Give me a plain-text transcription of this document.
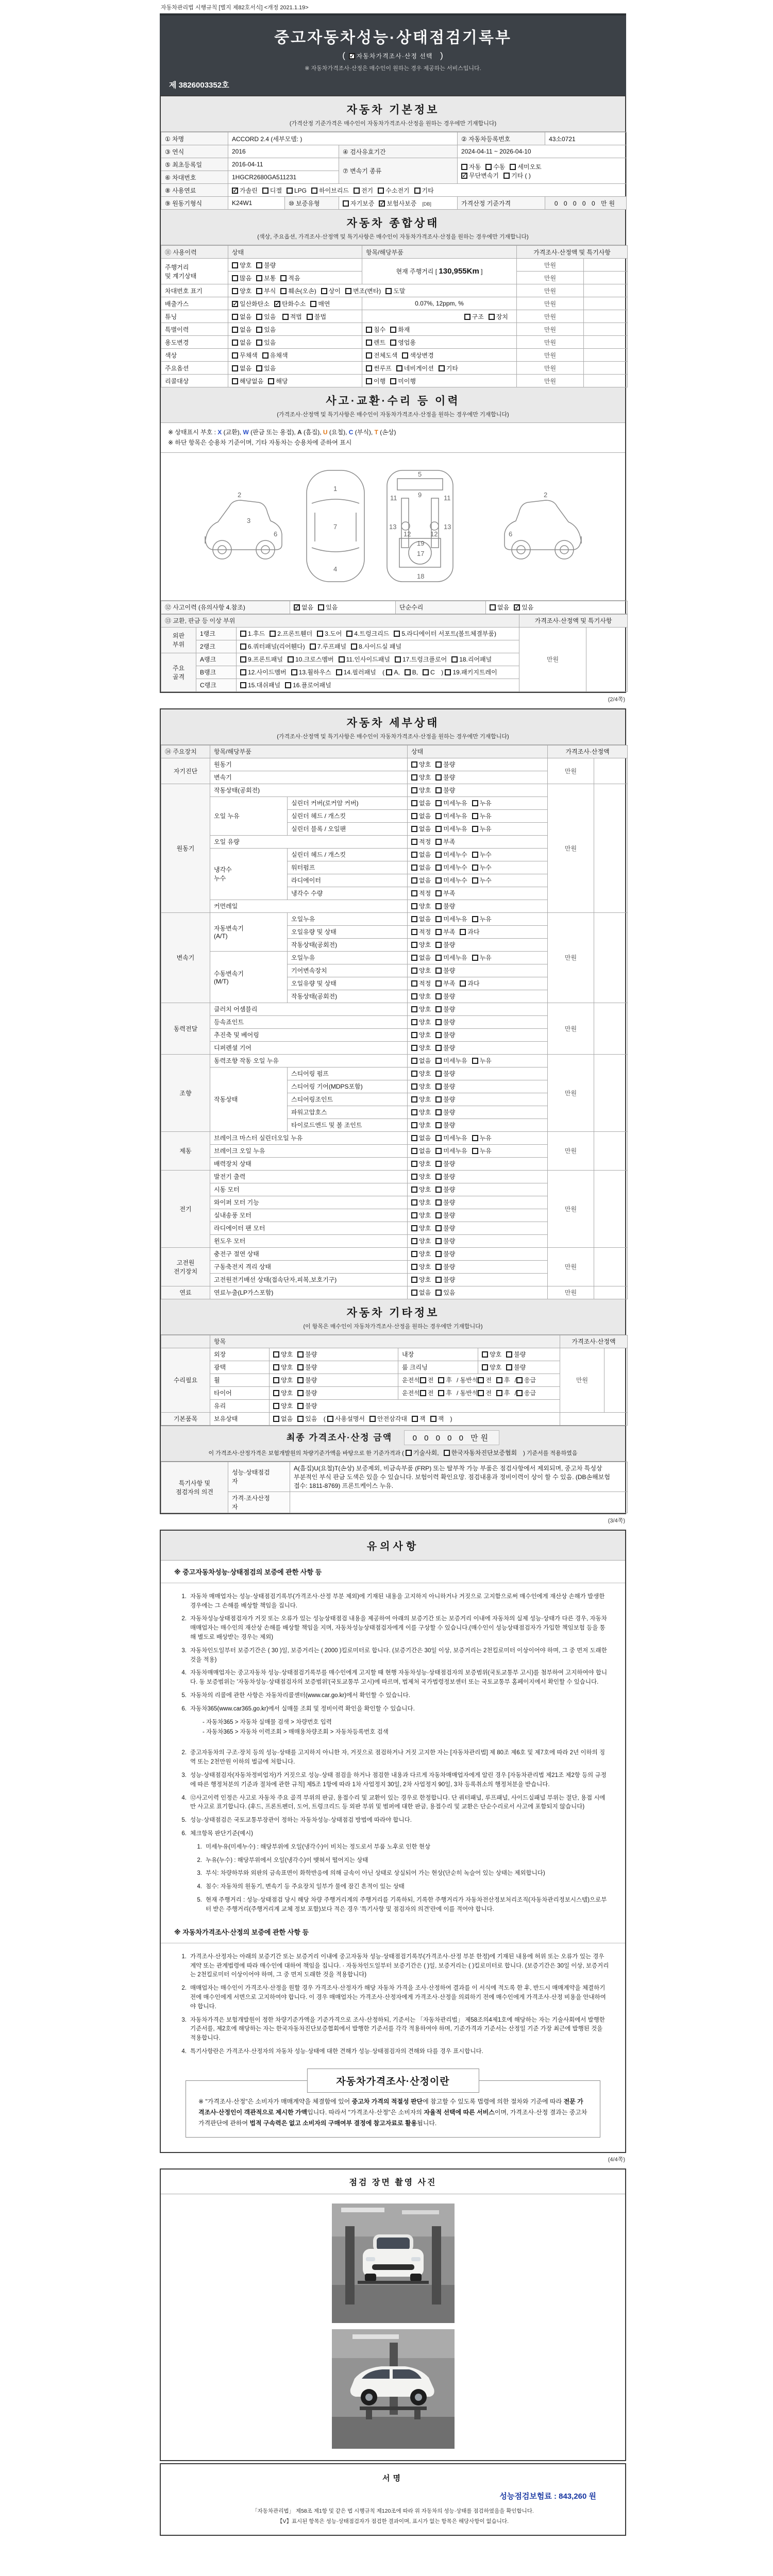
자동차관리법 시행규칙 [별지 제82호서식] <개정 2021.1.19>
중고자동차성능·상태점검기록부
( ✓자동차가격조사·산정 선택 )
※ 자동차가격조사·산정은 매수인이 원하는 경우 제공하는 서비스입니다.
제 3826003352호
자동차 기본정보
(가격산정 기준가격은 매수인이 자동차가격조사·산정을 원하는 경우에만 기재합니다)
① 차명	ACCORD 2.4 (세부모델: )			② 자동차등록번호	43소0721
③ 연식	2016		④ 검사유효기간	2024-04-11 ~ 2026-04-10	
⑤ 최초등록일	2016-04-11		⑦ 변속기 종류	자동 수동 세미오토
✓무단변속기 기타 ( )
⑥ 차대번호	1HGCR2680GA511231				
⑧ 사용연료	✓가솔린 디젤 LPG 하이브리드 전기 수소전기 기타
⑨ 원동기형식	K24W1	⑩ 보증유형	자기보증 ✓ 보험사보증 [DB]	가격산정 기준가격	0 0 0 0 0 만원
자동차 종합상태
(색상, 주요옵션, 가격조사·산정액 및 특기사항은 매수인이 자동차가격조사·산정을 원하는 경우에만 기재합니다)
⑪ 사용이력	상태	항목/해당부품	가격조사·산정액 및 특기사항	
주행거리
및 계기상태	양호 불량	현재 주행거리 [ 130,955Km ]	만원	
	많음 보통 적음		만원	
차대번호 표기	양호 부식 훼손(오손) 상이 변조(변타) 도말		만원	
배출가스	✓일산화탄소 ✓ 탄화수소 매연	0.07%, 12ppm, %	만원	
튜닝	없음 있음 적법 불법	구조 장치	만원	
특별이력	없음 있음	침수 화재	만원	
용도변경	없음 있음	렌트 영업용	만원	
색상	무채색 유채색	전체도색 색상변경	만원	
주요옵션	없음 있음	썬루프 네비게이션 기타	만원	
리콜대상	해당없음 해당	이행 미이행	만원	
사고·교환·수리 등 이력
(가격조사·산정액 및 특기사항은 매수인이 자동차가격조사·산정을 원하는 경우에만 기재합니다)
※ 상태표시 부호 : X (교환), W (판금 또는 용접), A (흠집), U (요철), C (부식), T (손상)
※ 하단 항목은 승용차 기준이며, 기타 자동차는 승용차에 준하여 표시
2
3
6
1
7
4
5
9
11	11
13	13
12	12
19
17
18
2
6
⑫ 사고이력 (유의사항 4.참조)	✓없음 있음	단순수리	없음 ✓ 있음
⑬ 교환, 판금 등 이상 부위			가격조사·산정액 및 특기사항	
외판
부위	1랭크	1.후드 2.프론트휀더 3.도어 4.트렁크리드 5.라디에이터 서포트(볼트체결부품)	만원	
	2랭크	6.쿼터패널(리어휀다) 7.루프패널 8.사이드실 패널		
주요
골격	A랭크	9.프론트패널 10.크로스멤버 11.인사이드패널 17.트렁크플로어 18.리어패널		
	B랭크	12.사이드멤버 13.휠하우스 14.필러패널 ( A, B, C ) 19.패키지트레이		
	C랭크	15.대쉬패널 16.플로어패널		
(2/4쪽)
자동차 세부상태
(가격조사·산정액 및 특기사항은 매수인이 자동차가격조사·산정을 원하는 경우에만 기재합니다)
⑭ 주요장치	항목/해당부품		상태	가격조사·산정액	
자기진단	원동기		양호 불량	만원	
	변속기		양호 불량		
원동기	작동상태(공회전)		양호 불량	만원	
	오일 누유	실린더 커버(로커암 커버)	없음 미세누유 누유		
		실린더 헤드 / 개스킷	없음 미세누유 누유		
		실린더 블록 / 오일팬	없음 미세누유 누유		
	오일 유량		적정 부족		
	냉각수
누수	실린더 헤드 / 개스킷	없음 미세누수 누수		
		워터펌프	없음 미세누수 누수		
		라디에이터	없음 미세누수 누수		
		냉각수 수량	적정 부족		
	커먼레일		양호 불량		
변속기	자동변속기
(A/T)	오일누유	없음 미세누유 누유	만원	
		오일유량 및 상태	적정 부족 과다		
		작동상태(공회전)	양호 불량		
	수동변속기
(M/T)	오일누유	없음 미세누유 누유		
		기어변속장치	양호 불량		
		오일유량 및 상태	적정 부족 과다		
		작동상태(공회전)	양호 불량		
동력전달	클러치 어셈블리		양호 불량	만원	
	등속죠인트		양호 불량		
	추진축 및 베어링		양호 불량		
	디퍼렌셜 기어		양호 불량		
조향	동력조향 작동 오일 누유		없음 미세누유 누유	만원	
	작동상태	스티어링 펌프	양호 불량		
		스티어링 기어(MDPS포함)	양호 불량		
		스티어링조인트	양호 불량		
		파워고압호스	양호 불량		
		타이로드엔드 및 볼 조인트	양호 불량		
제동	브레이크 마스터 실린더오일 누유		없음 미세누유 누유	만원	
	브레이크 오일 누유		없음 미세누유 누유		
	배력장치 상태		양호 불량		
전기	발전기 출력		양호 불량	만원	
	시동 모터		양호 불량		
	와이퍼 모터 기능		양호 불량		
	실내송풍 모터		양호 불량		
	라디에이터 팬 모터		양호 불량		
	윈도우 모터		양호 불량		
고전원
전기장치	충전구 절연 상태		양호 불량	만원	
	구동축전지 격리 상태		양호 불량		
	고전원전기배선 상태(접속단자,피복,보호기구)		양호 불량		
연료	연료누출(LP가스포함)		없음 있음	만원	
자동차 기타정보
(이 항목은 매수인이 자동차가격조사·산정을 원하는 경우에만 기재합니다)
	항목				가격조사·산정액	
수리필요	외장	양호 불량	내장	양호 불량	만원	
	광택	양호 불량	룸 크리닝	양호 불량		
	휠	양호 불량	운전석 전 후 / 동반석 전 후 / 응급			
	타이어	양호 불량	운전석 전 후 / 동반석 전 후 / 응급			
	유리	양호 불량				
기본품목	보유상태	없음 있음 ( 사용설명서 안전삼각대 잭 잭 )				
최종 가격조사·산정 금액	0 0 0 0 0 만원
이 가격조사·산정가격은 보험개발원의 차량기준가액을 바탕으로 한 기준가격과 ( 기술사회, 한국자동차진단보증협회 ) 기준서를 적용하였음
특기사항 및
점검자의 의견	성능·상태점검
자	A(흠집)U(요철)T(손상) 보증제외, 비금속부품 (FRP) 또는 탈부착 가능 부품은 점검사항에서 제외되며, 중고차 특성상 부분적인 부식 판금 도색은 있을 수 있습니다. 보험이력 확인요망. 점검내용과 정비이력이 상이 할 수 있음. (DB손해보험 접수: 1811-8769) 프론트케이스 누유.
	가격·조사산정
자	
(3/4쪽)
유의사항
※ 중고자동차성능·상태점검의 보증에 관한 사항 등
1. 자동차 매매업자는 성능·상태점검기록부(가격조사·산정 부분 제외)에 기재된 내용을 고지하지 아니하거나 거짓으로 고지함으로써 매수인에게 재산상 손해가 발생한 경우에는 그 손해를 배상할 책임을 집니다.
2. 자동차성능상태점검자가 거짓 또는 오류가 있는 성능상태점검 내용을 제공하여 아래의 보증기간 또는 보증거리 이내에 자동차의 실제 성능·상태가 다른 경우, 자동차매매업자는 매수인의 재산상 손해를 배상할 책임을 지며, 자동차성능상태점검자에게 이를 구상할 수 있습니다.(매수인이 성능상태점검자가 가입한 책임보험 등을 통해 별도로 배상받는 경우는 제외)
3. 자동차인도일부터 보증기간은 ( 30 )일, 보증거리는 ( 2000 )킬로미터로 합니다. (보증기간은 30일 이상, 보증거리는 2천킬로미터 이상이어야 하며, 그 중 먼저 도래한 것을 적용)
4. 자동차매매업자는 중고자동차 성능·상태점검기록부를 매수인에게 고지할 때 현행 자동차성능·상태점검자의 보증범위(국토교통부 고시)를 첨부하여 고지하여야 합니다. 동 보증범위는 '자동차성능·상태점검자의 보증범위'(국토교통부 고시)에 따르며, 법제처 국가법령정보센터 또는 국토교통부 홈페이지에서 확인할 수 있습니다.
5. 자동차의 리콜에 관한 사항은 자동차리콜센터(www.car.go.kr)에서 확인할 수 있습니다.
6. 자동차365(www.car365.go.kr)에서 실매물 조회 및 정비이력 확인을 확인할 수 있습니다.
- 자동차365 > 자동차 실매물 검색 > 차량번호 입력
- 자동차365 > 자동차 이력조회 > 매매용차량조회 > 자동차등록번호 검색
2. 중고자동차의 구조·장치 등의 성능·상태를 고지하지 아니한 자, 거짓으로 점검하거나 거짓 고지한 자는 [자동차관리법] 제 80조 제6호 및 제7호에 따라 2년 이하의 징역 또는 2천만원 이하의 벌금에 처합니다.
3. 성능·상태점검자(자동차정비업자)가 거짓으로 성능·상태 점검을 하거나 점검한 내용과 다르게 자동차매매업자에게 알린 경우 [자동차관리법 제21조 제2항 등의 규정에 따른 행정처분의 기준과 절차에 관한 규칙] 제5조 1항에 따라 1차 사업정지 30일, 2차 사업정지 90일, 3차 등록취소의 행정처분을 받습니다.
4. ⑫사고이력 인정은 사고로 자동차 주요 골격 부위의 판금, 용접수리 및 교환이 있는 경우로 한정합니다. 단 쿼터패널, 루프패널, 사이드실패널 부위는 절단, 용접 시에만 사고로 표기합니다. (후드, 프론트펜더, 도어, 트렁크리드 등 외판 부위 및 범퍼에 대한 판금, 용접수리 및 교환은 단순수리로서 사고에 포함되지 않습니다)
5. 성능·상태점검은 국토교통부장관이 정하는 자동차성능·상태점검 방법에 따라야 합니다.
6. 체크항목 판단기준(예시)
1. 미세누유(미세누수) : 해당부위에 오일(냉각수)이 비치는 정도로서 부품 노후로 인한 현상
2. 누유(누수) : 해당부위에서 오일(냉각수)이 맺혀서 떨어지는 상태
3. 부식: 차량하부와 외판의 금속표면이 화학반응에 의해 금속이 아닌 상태로 상실되어 가는 현상(단순히 녹슬어 있는 상태는 제외합니다)
4. 침수: 자동차의 원동기, 변속기 등 주요장치 일부가 물에 잠긴 흔적이 있는 상태
5. 현재 주행거리 : 성능·상태점검 당시 해당 차량 주행거리계의 주행거리를 기록하되, 기록한 주행거리가 자동차전산정보처리조직(자동차관리정보시스템)으로부터 받은 주행거리(주행거리계 교체 정보 포함)보다 적은 경우 '특기사항 및 점검자의 의견'란에 이를 적어야 합니다.
※ 자동차가격조사·산정의 보증에 관한 사항 등
1. 가격조사·산정자는 아래의 보증기간 또는 보증거리 이내에 중고자동차 성능·상태점검기록부(가격조사·산정 부분 한정)에 기재된 내용에 허위 또는 오류가 있는 경우 계약 또는 관계법령에 따라 매수인에 대하여 책임을 집니다. · 자동차인도일부터 보증기간은 ( )일, 보증거리는 ( )킬로미터로 합니다. (보증기간은 30일 이상, 보증거리는 2천킬로미터 이상이어야 하며, 그 중 먼저 도래한 것을 적용합니다)
2. 매매업자는 매수인이 가격조사·산정을 원할 경우 가격조사·산정자가 해당 자동차 가격을 조사·산정하여 결과를 이 서식에 적도록 한 후, 반드시 매매계약을 체결하기 전에 매수인에게 서면으로 고지하여야 합니다. 이 경우 매매업자는 가격조사·산정자에게 가격조사·산정을 의뢰하기 전에 매수인에게 가격조사·산정 비용을 안내하여야 합니다.
3. 자동차가격은 보험개발원이 정한 차량기준가액을 기준가격으로 조사·산정하되, 기준서는 「자동차관리법」 제58조의4제1호에 해당하는 자는 기술사회에서 발행한 기준서를, 제2호에 해당하는 자는 한국자동차진단보증협회에서 발행한 기준서를 각각 적용하여야 하며, 기준가격과 기준서는 산정일 기준 가장 최근에 발행된 것을 적용합니다.
4. 특기사항란은 가격조사·산정자의 자동차 성능·상태에 대한 견해가 성능·상태점검자의 견해와 다를 경우 표시합니다.
자동차가격조사·산정이란
※ "가격조사·산정"은 소비자가 매매계약을 체결함에 있어 중고차 가격의 적절성 판단에 참고할 수 있도록 법령에 의한 절차와 기준에 따라 전문 가격조사·산정인이 객관적으로 제시한 가액입니다. 따라서 "가격조사·산정"은 소비자의 자율적 선택에 따른 서비스이며, 가격조사·산정 결과는 중고차 가격판단에 관하여 법적 구속력은 없고 소비자의 구매여부 결정에 참고자료로 활용됩니다.
(4/4쪽)
점검 장면 촬영 사진
서명
성능점검보험료 : 843,260 원
「자동차관리법」 제58조 제1항 및 같은 법 시행규칙 제120조에 따라 위 자동차의 성능·상태를 점검하였음을 확인합니다.
【V】표시된 항목은 성능·상태점검자가 점검한 결과이며, 표시가 없는 항목은 해당사항이 없습니다.
